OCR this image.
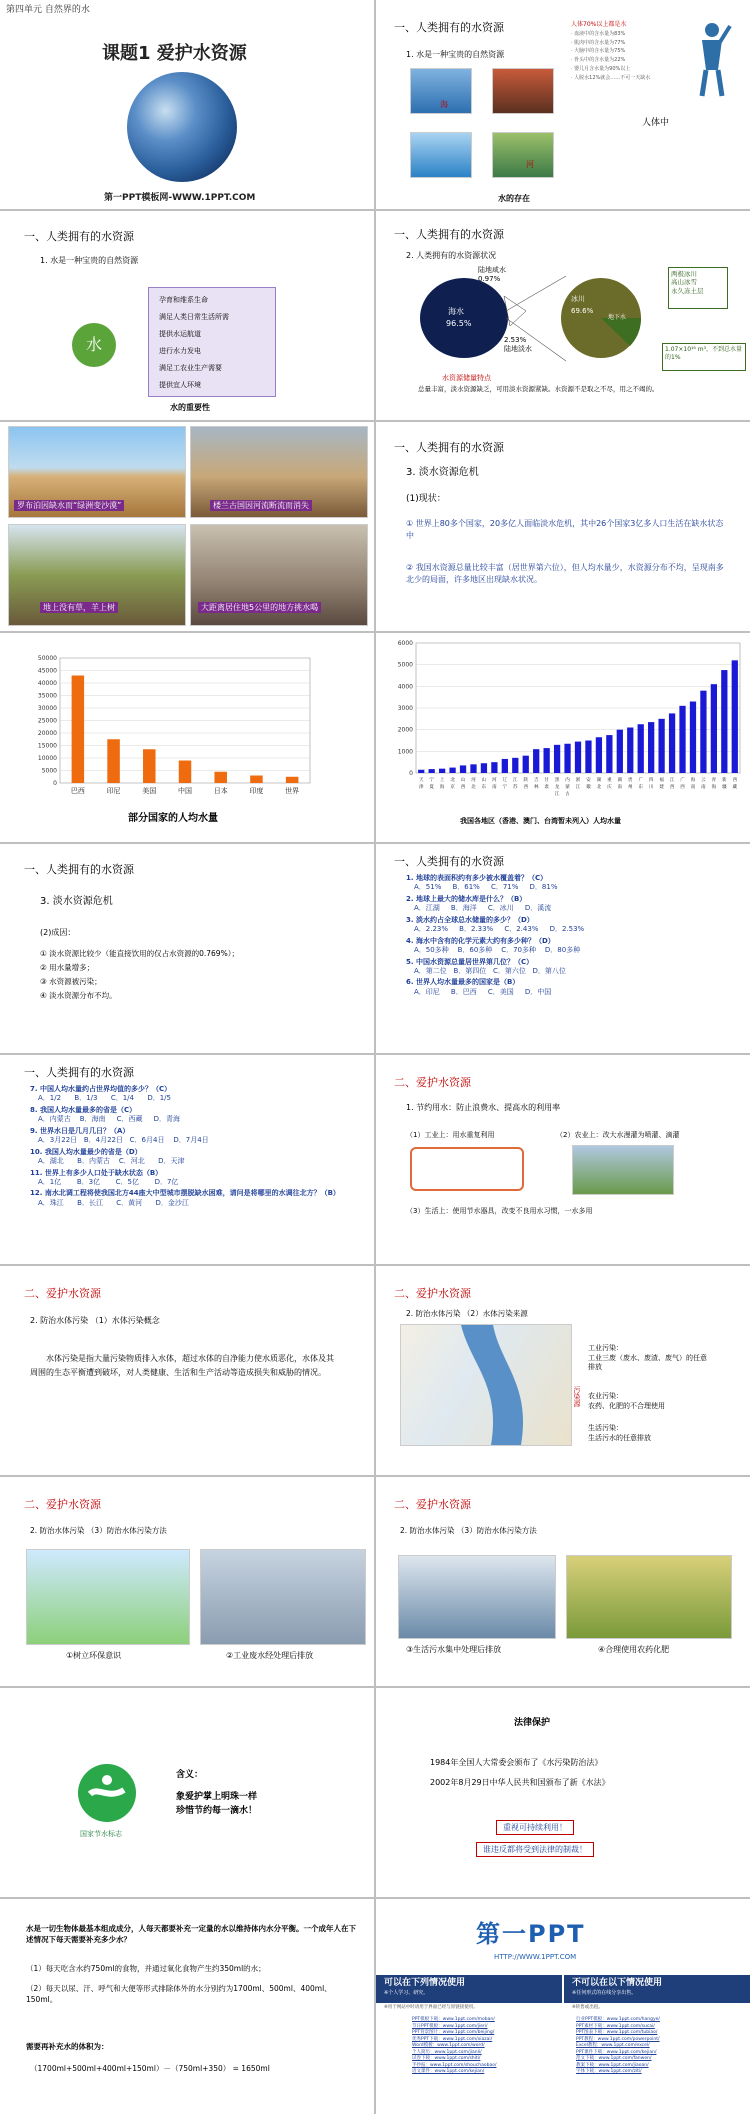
第四单元 自然界的水
课题1 爱护水资源
第一PPT模板网-WWW.1PPT.COM
一、人类拥有的水资源
1. 水是一种宝贵的自然资源
海
河
人体70%以上都是水
· 血液中的含水量为83%
· 肌肉中的含水量为77%
· 大脑中的含水量为75%
· 骨头中的含水量为22%
· 婴儿月含水量为90%以上
· 人脱水12%就会……不可一天缺水
人体中
水的存在
一、人类拥有的水资源
1. 水是一种宝贵的自然资源
水
孕育和维系生命
满足人类日常生活所需
提供水运航道
进行水力发电
满足工农业生产需要
提供宜人环境
水的重要性
一、人类拥有的水资源
2. 人类拥有的水资源状况
海水
96.5%
陆地咸水
0.97%
2.53%
陆地淡水
冰川
69.6%
地下水
两极冰川
高山冰雪
永久冻土层
1.07×10¹⁶ m³，不到总水量的1%
水资源储量特点
总量丰富，淡水资源缺乏，可用淡水资源紧缺。水资源不是取之不尽，用之不竭的。
罗布泊因缺水而“绿洲变沙漠”	楼兰古国因河流断流而消失
地上没有草，羊上树	大距离居住地5公里的地方挑水喝
一、人类拥有的水资源
3. 淡水资源危机
(1)现状：
① 世界上80多个国家，20多亿人面临淡水危机，其中26个国家3亿多人口生活在缺水状态中
② 我国水资源总量比较丰富（居世界第六位），但人均水量少，水资源分布不均，呈现南多北少的局面，许多地区出现缺水状况。
0
5000
10000
15000
20000
25000
30000
35000
40000
45000
50000
巴西	印尼	美国	中国	日本	印度	世界
部分国家的人均水量
0
1000
2000
3000
4000
5000
6000
天
津
宁
夏
上
海
北
京
山
西
河
北
山
东
河
南
辽
宁
江
苏
陕
西
吉
林
甘
肃
黑
龙
江
内
蒙
古
浙
江
安
徽
湖
北
重
庆
湖
南
贵
州
广
东
四
川
福
建
江
西
广
西
海
南
云
南
青
海
新
疆
西
藏
我国各地区（香港、澳门、台湾暂未列入）人均水量
一、人类拥有的水资源
3. 淡水资源危机
(2)成因：
① 淡水资源比较少（能直接饮用的仅占水资源的0.769%）；
② 用水量增多；
③ 水资源被污染；
④ 淡水资源分布不均。
一、人类拥有的水资源
1. 地球的表面积约有多少被水覆盖着？（C）
A．51%     B．61%     C．71%     D．81%
2. 地球上最大的储水库是什么？（B）
A．江湖     B．海洋     C．冰川     D．溪流
3. 淡水约占全球总水储量的多少？（D）
A．2.23%     B．2.33%     C．2.43%     D．2.53%
4. 海水中含有的化学元素大约有多少种？（D）
A．50多种    B．60多种    C．70多种    D．80多种
5. 中国水资源总量居世界第几位？（C）
A．第二位   B．第四位   C．第六位   D．第八位
6. 世界人均水量最多的国家是（B）
A．印尼     B．巴西     C．美国     D．中国
一、人类拥有的水资源
7. 中国人均水量约占世界均值的多少？（C）
A．1/2      B．1/3      C．1/4      D．1/5
8. 我国人均水量最多的省是（C）
A．内蒙古    B．海南     C．西藏     D．青海
9. 世界水日是几月几日？（A）
A．3月22日   B．4月22日   C．6月4日    D．7月4日
10. 我国人均水量最少的省是（D）
A．湖北      B．内蒙古    C．河北      D．天津
11. 世界上有多少人口处于缺水状态（B）
A．1亿       B．3亿       C．5亿       D．7亿
12. 南水北调工程将使我国北方44座大中型城市摆脱缺水困难，请问是将哪里的水调往北方？（B）
A．珠江      B．长江      C．黄河      D．金沙江
二、爱护水资源
1. 节约用水：防止浪费水、提高水的利用率
（1）工业上：用水重复利用	（2）农业上：改大水漫灌为喷灌、滴灌
（3）生活上：使用节水器具，改变不良用水习惯，一水多用
二、爱护水资源
2. 防治水体污染 （1）水体污染概念
水体污染是指大量污染物质排入水体，超过水体的自净能力使水质恶化，水体及其周围的生态平衡遭到破坏，对人类健康、生活和生产活动等造成损失和威胁的情况。
二、爱护水资源
2. 防治水体污染 （2）水体污染来源
污染源
工业污染：
工业三废（废水、废渣、废气）的任意排放
农业污染：
农药、化肥的不合理使用
生活污染：
生活污水的任意排放
二、爱护水资源
2. 防治水体污染 （3）防治水体污染方法
①树立环保意识	②工业废水经处理后排放
二、爱护水资源
2. 防治水体污染 （3）防治水体污染方法
③生活污水集中处理后排放	④合理使用农药化肥
国家节水标志
含义：
象爱护掌上明珠一样
珍惜节约每一滴水！
法律保护
1984年全国人大常委会颁布了《水污染防治法》
2002年8月29日中华人民共和国颁布了新《水法》
重视可持续利用！
谁违反都将受到法律的制裁！
水是一切生物体最基本组成成分，人每天都要补充一定量的水以维持体内水分平衡。一个成年人在下述情况下每天需要补充多少水？
（1）每天吃含水约750ml的食物，并通过氧化食物产生约350ml的水；
（2）每天以尿、汗、呼气和大便等形式排除体外的水分别约为1700ml、500ml、400ml、150ml。
需要再补充水的体积为：
（1700ml+500ml+400ml+150ml）－（750ml+350） = 1650ml
第一PPT
HTTP://WWW.1PPT.COM
可以在下列情况使用
※个人学习、研究。
不可以在以下情况使用
※任何形式的在线分享出售。
※用于网站中时请用于界面已经与原链接使用。	※转售或出租。
PPT模板下载：www.1ppt.com/moban/
节日PPT模板：www.1ppt.com/jieri/
PPT背景图片：www.1ppt.com/beijing/
优秀PPT下载：www.1ppt.com/xiazai/
Word模板：www.1ppt.com/word/
个人简历：www.1ppt.com/jianli/
试卷下载：www.1ppt.com/shiti/
手抄报：www.1ppt.com/shouchaobao/
语文课件：www.1ppt.com/kejian/
行业PPT模板：www.1ppt.com/hangye/
PPT素材下载：www.1ppt.com/sucai/
PPT图表下载：www.1ppt.com/tubiao/
PPT教程：www.1ppt.com/powerpoint/
Excel教程：www.1ppt.com/excel/
PPT课件下载：www.1ppt.com/kejian/
范文下载：www.1ppt.com/fanwen/
教案下载：www.1ppt.com/jiaoan/
字体下载：www.1ppt.com/ziti/
